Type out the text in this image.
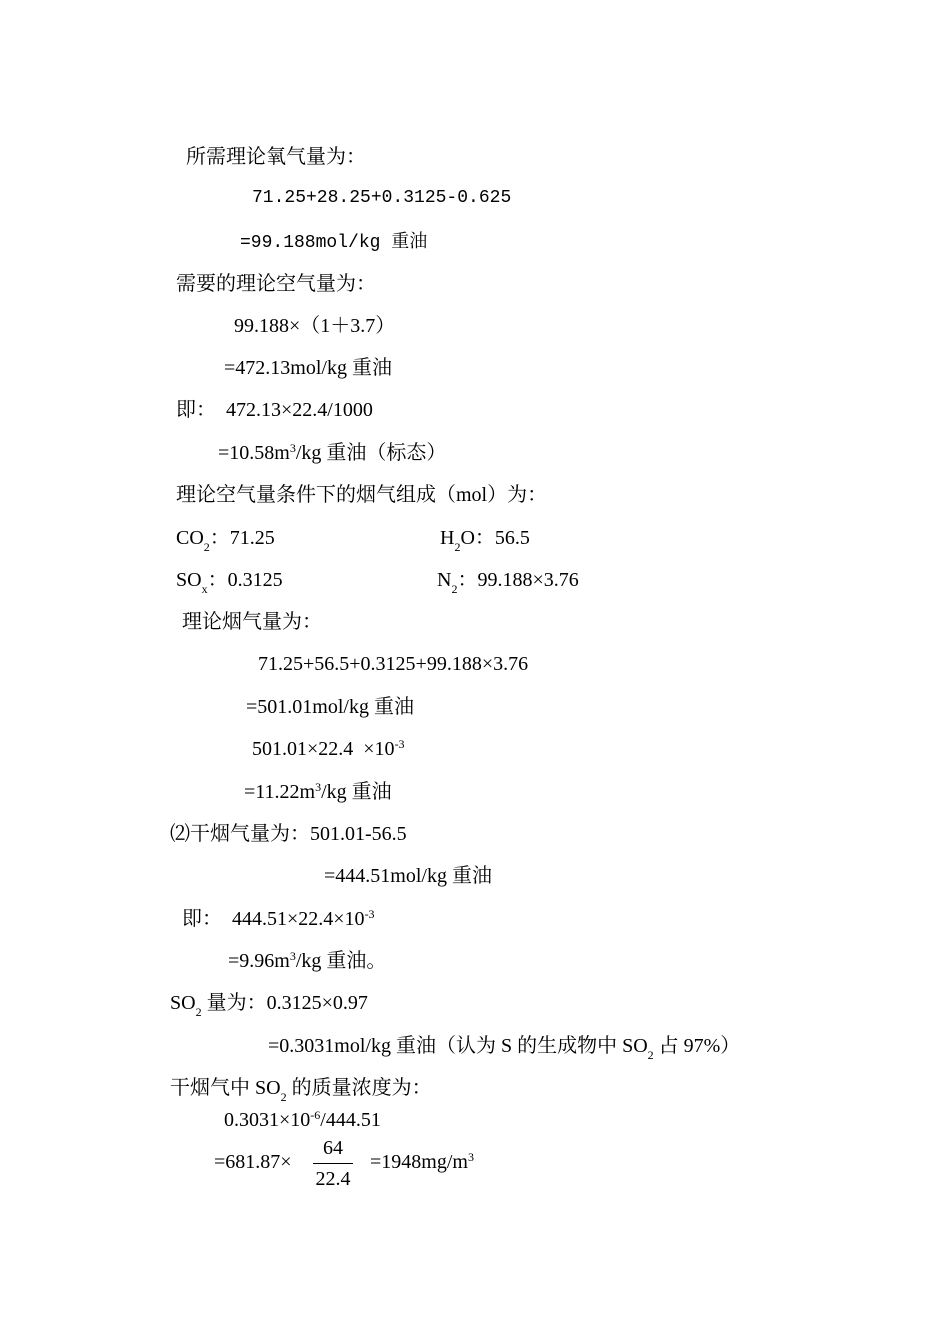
所需理论氧气量为：
71.25+28.25+0.3125-0.625
=99.188mol/kg 重油
需要的理论空气量为：
99.188×（1＋3.7）
=472.13mol/kg 重油
即：  472.13×22.4/1000
$=10.58m^3/kg$ 重油（标态）
理论空气量条件下的烟气组成（mol）为：
$CO_2$：71.25	$H_2O$：56.5
$SO_x$：0.3125	$N_2$：99.188×3.76
理论烟气量为：
71.25+56.5+0.3125+99.188×3.76
=501.01mol/kg 重油
$501.01\times 22.4 \times 10^{-3}$
$=11.22m^3/kg$ 重油
⑵干烟气量为：501.01-56.5
=444.51mol/kg 重油
即：  $444.51\times 22.4\times 10^{-3}$
$=9.96m^3/kg$ 重油。
$SO_2$ 量为：0.3125×0.97
=0.3031mol/kg 重油（认为 S 的生成物中 $SO_2$ 占 97%）
干烟气中 $SO_2$ 的质量浓度为：
$0.3031\times 10^{-6}/444.51$
=681.87×
64
22.4
$=1948mg/m^3$
